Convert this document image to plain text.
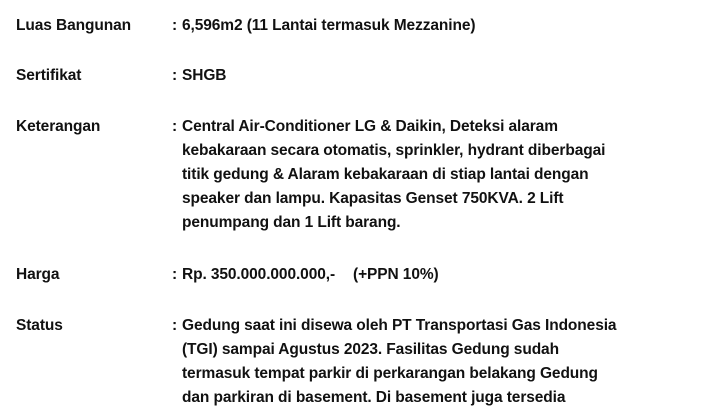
Luas Bangunan	: 6,596m2 (11 Lantai termasuk Mezzanine)
Sertifikat	: SHGB
Keterangan	: Central Air-Conditioner LG & Daikin, Deteksi alaram
kebakaraan secara otomatis, sprinkler, hydrant diberbagai
titik gedung & Alaram kebakaraan di stiap lantai dengan
speaker dan lampu. Kapasitas Genset 750KVA. 2 Lift
penumpang dan 1 Lift barang.
Harga	: Rp. 350.000.000.000,- (+PPN 10%)
Status	: Gedung saat ini disewa oleh PT Transportasi Gas Indonesia
(TGI) sampai Agustus 2023. Fasilitas Gedung sudah
termasuk tempat parkir di perkarangan belakang Gedung
dan parkiran di basement. Di basement juga tersedia
